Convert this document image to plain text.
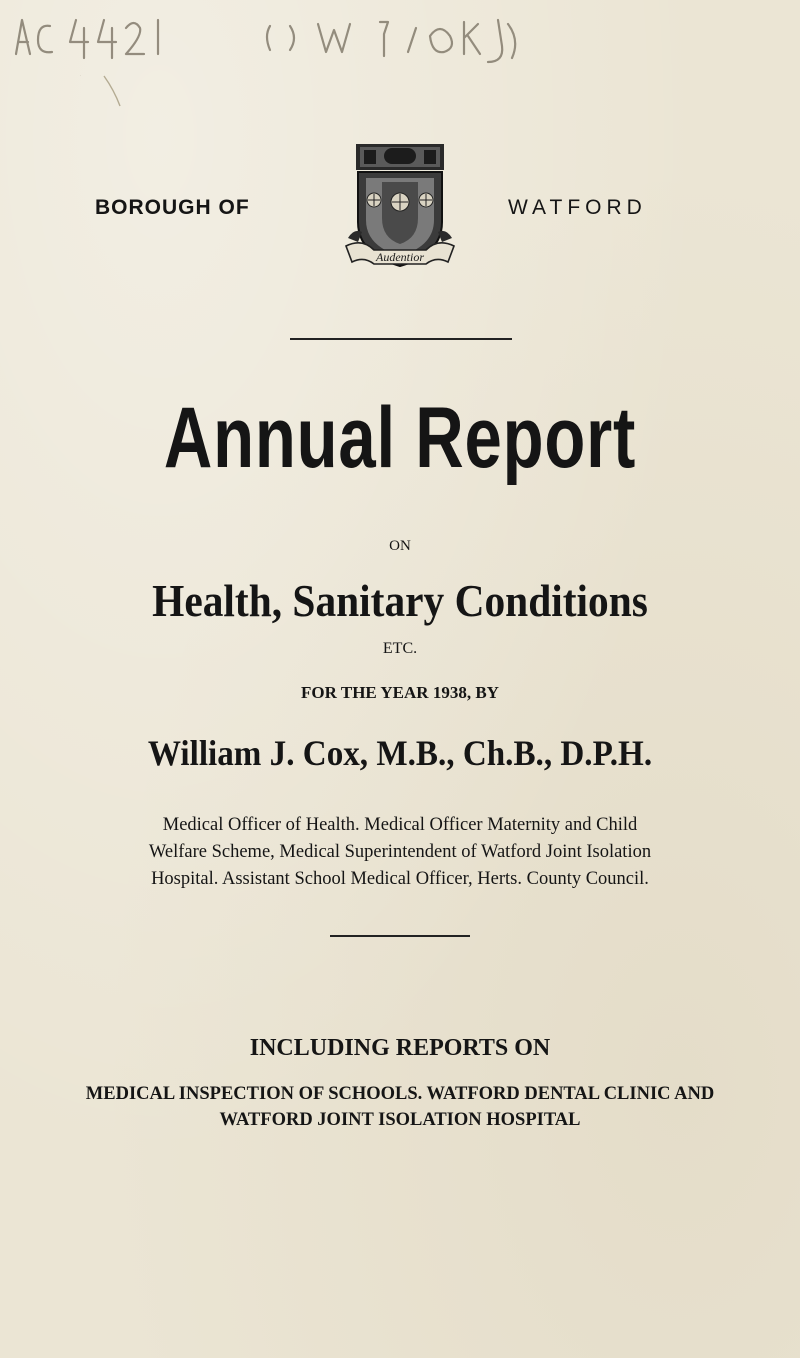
AC 4421
BOROUGH OF
Audentior
WATFORD
Annual Report
ON
Health, Sanitary Conditions
ETC.
FOR THE YEAR 1938, BY
William J. Cox, M.B., Ch.B., D.P.H.
Medical Officer of Health. Medical Officer Maternity and Child Welfare Scheme, Medical Superintendent of Watford Joint Isolation Hospital. Assistant School Medical Officer, Herts. County Council.
INCLUDING REPORTS ON
MEDICAL INSPECTION OF SCHOOLS. WATFORD DENTAL CLINIC AND WATFORD JOINT ISOLATION HOSPITAL
